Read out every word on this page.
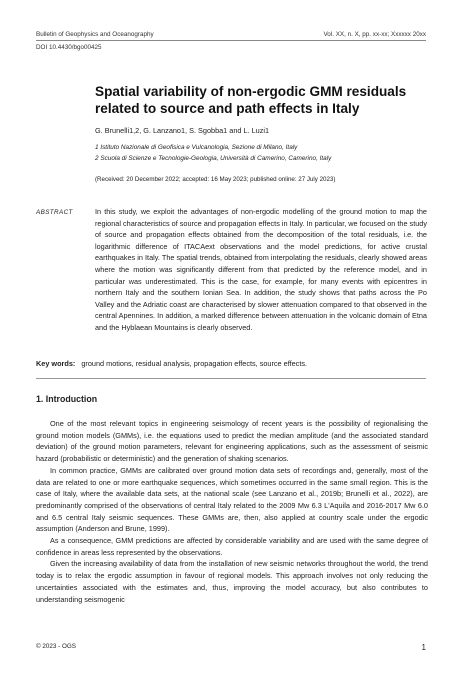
Bulletin of Geophysics and Oceanography	Vol. XX, n. X, pp. xx-xx; Xxxxxx 20xx
DOI 10.4430/bgo00425
Spatial variability of non-ergodic GMM residuals related to source and path effects in Italy
G. Brunelli1,2, G. Lanzano1, S. Sgobba1 and L. Luzi1
1 Istituto Nazionale di Geofisica e Vulcanologia, Sezione di Milano, Italy
2 Scuola di Scienze e Tecnologie-Geologia, Università di Camerino, Camerino, Italy
(Received: 20 December 2022; accepted: 16 May 2023; published online: 27 July 2023)
ABSTRACT	In this study, we exploit the advantages of non-ergodic modelling of the ground motion to map the regional characteristics of source and propagation effects in Italy. In particular, we focused on the study of source and propagation effects obtained from the decomposition of the total residuals, i.e. the logarithmic difference of ITACAext observations and the model predictions, for active crustal earthquakes in Italy. The spatial trends, obtained from interpolating the residuals, clearly showed areas where the motion was significantly different from that predicted by the reference model, and in particular was underestimated. This is the case, for example, for many events with epicentres in northern Italy and the southern Ionian Sea. In addition, the study shows that paths across the Po Valley and the Adriatic coast are characterised by slower attenuation compared to that observed in the central Apennines. In addition, a marked difference between attenuation in the volcanic domain of Etna and the Hyblaean Mountains is clearly observed.
Key words: ground motions, residual analysis, propagation effects, source effects.
1. Introduction

One of the most relevant topics in engineering seismology of recent years is the possibility of regionalising the ground motion models (GMMs), i.e. the equations used to predict the median amplitude (and the associated standard deviation) of the ground motion parameters, relevant for engineering applications, such as the assessment of seismic hazard (probabilistic or deterministic) and the generation of shaking scenarios.

In common practice, GMMs are calibrated over ground motion data sets of recordings and, generally, most of the data are related to one or more earthquake sequences, which sometimes occurred in the same small region. This is the case of Italy, where the available data sets, at the national scale (see Lanzano et al., 2019b; Brunelli et al., 2022), are predominantly comprised of the observations of central Italy related to the 2009 Mw 6.3 L'Aquila and 2016-2017 Mw 6.0 and 6.5 central Italy seismic sequences. These GMMs are, then, also applied at country scale under the ergodic assumption (Anderson and Brune, 1999).

As a consequence, GMM predictions are affected by considerable variability and are used with the same degree of confidence in areas less represented by the observations.

Given the increasing availability of data from the installation of new seismic networks throughout the world, the trend today is to relax the ergodic assumption in favour of regional models. This approach involves not only reducing the uncertainties associated with the estimates and, thus, improving the model accuracy, but also contributes to understanding seismogenic

© 2023 - OGS	1
